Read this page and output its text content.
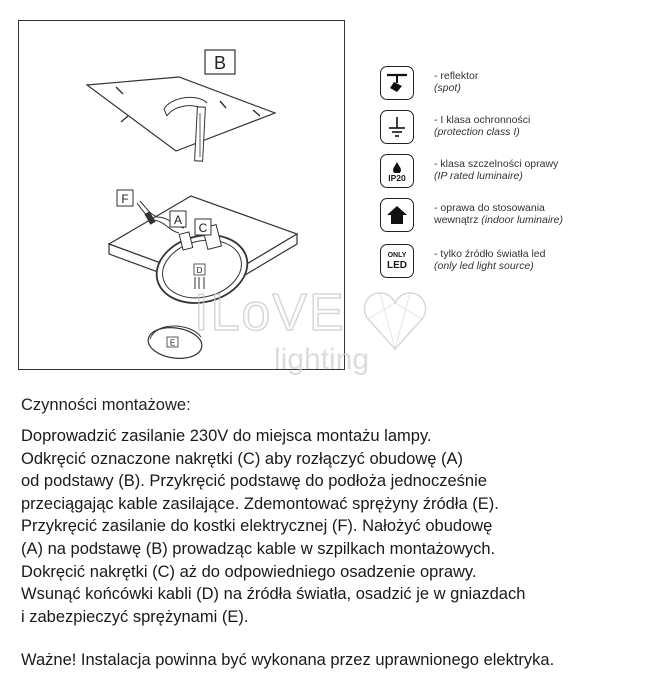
B
F
A
C
D
E
- reflektor
(spot)
- I klasa ochronności
(protection class I)
IP20
- klasa szczelności oprawy
(IP rated luminaire)
- oprawa do stosowania
wewnątrz (indoor luminaire)
ONLY
LED
- tylko źródło światła led
(only led light source)
lighting
Czynności montażowe:
Doprowadzić zasilanie 230V do miejsca montażu lampy.
Odkręcić oznaczone nakrętki (C) aby rozłączyć obudowę (A)
od podstawy (B). Przykręcić podstawę do podłoża jednocześnie
przeciągając kable zasilające. Zdemontować sprężyny źródła (E).
Przykręcić zasilanie do kostki elektrycznej (F). Nałożyć obudowę
(A) na podstawę (B) prowadząc kable w szpilkach montażowych.
Dokręcić nakrętki (C) aż do odpowiedniego osadzenie oprawy.
Wsunąć końcówki kabli (D) na źródła światła, osadzić je w gniazdach
i zabezpieczyć sprężynami (E).
Ważne! Instalacja powinna być wykonana przez uprawnionego elektryka.
